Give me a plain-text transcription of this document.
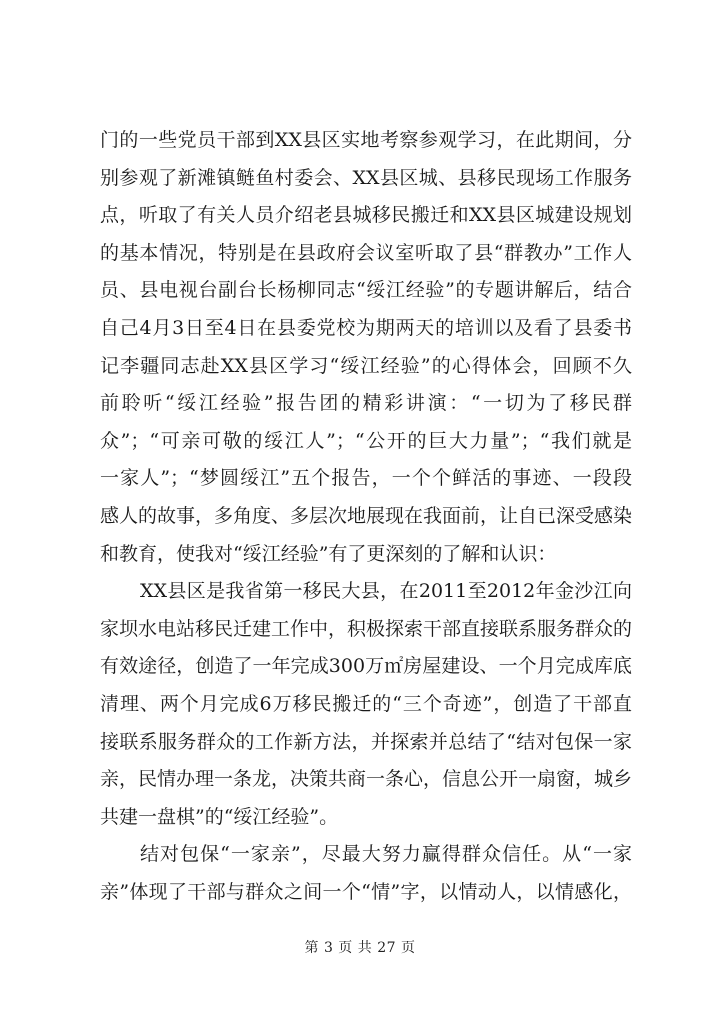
门的一些党员干部到XX县区实地考察参观学习，在此期间，分
别参观了新滩镇鲢鱼村委会、XX县区城、县移民现场工作服务
点，听取了有关人员介绍老县城移民搬迁和XX县区城建设规划
的基本情况，特别是在县政府会议室听取了县“群教办”工作人
员、县电视台副台长杨柳同志“绥江经验”的专题讲解后，结合
自己4月3日至4日在县委党校为期两天的培训以及看了县委书
记李疆同志赴XX县区学习“绥江经验”的心得体会，回顾不久
前聆听“绥江经验”报告团的精彩讲演：“一切为了移民群
众”；“可亲可敬的绥江人”；“公开的巨大力量”；“我们就是
一家人”；“梦圆绥江”五个报告，一个个鲜活的事迹、一段段
感人的故事，多角度、多层次地展现在我面前，让自已深受感染
和教育，使我对“绥江经验”有了更深刻的了解和认识：
XX县区是我省第一移民大县，在2011至2012年金沙江向
家坝水电站移民迁建工作中，积极探索干部直接联系服务群众的
有效途径，创造了一年完成300万㎡房屋建设、一个月完成库底
清理、两个月完成6万移民搬迁的“三个奇迹”，创造了干部直
接联系服务群众的工作新方法，并探索并总结了“结对包保一家
亲，民情办理一条龙，决策共商一条心，信息公开一扇窗，城乡
共建一盘棋”的“绥江经验”。
结对包保“一家亲”，尽最大努力赢得群众信任。从“一家
亲”体现了干部与群众之间一个“情”字，以情动人，以情感化，
第 3 页 共 27 页
